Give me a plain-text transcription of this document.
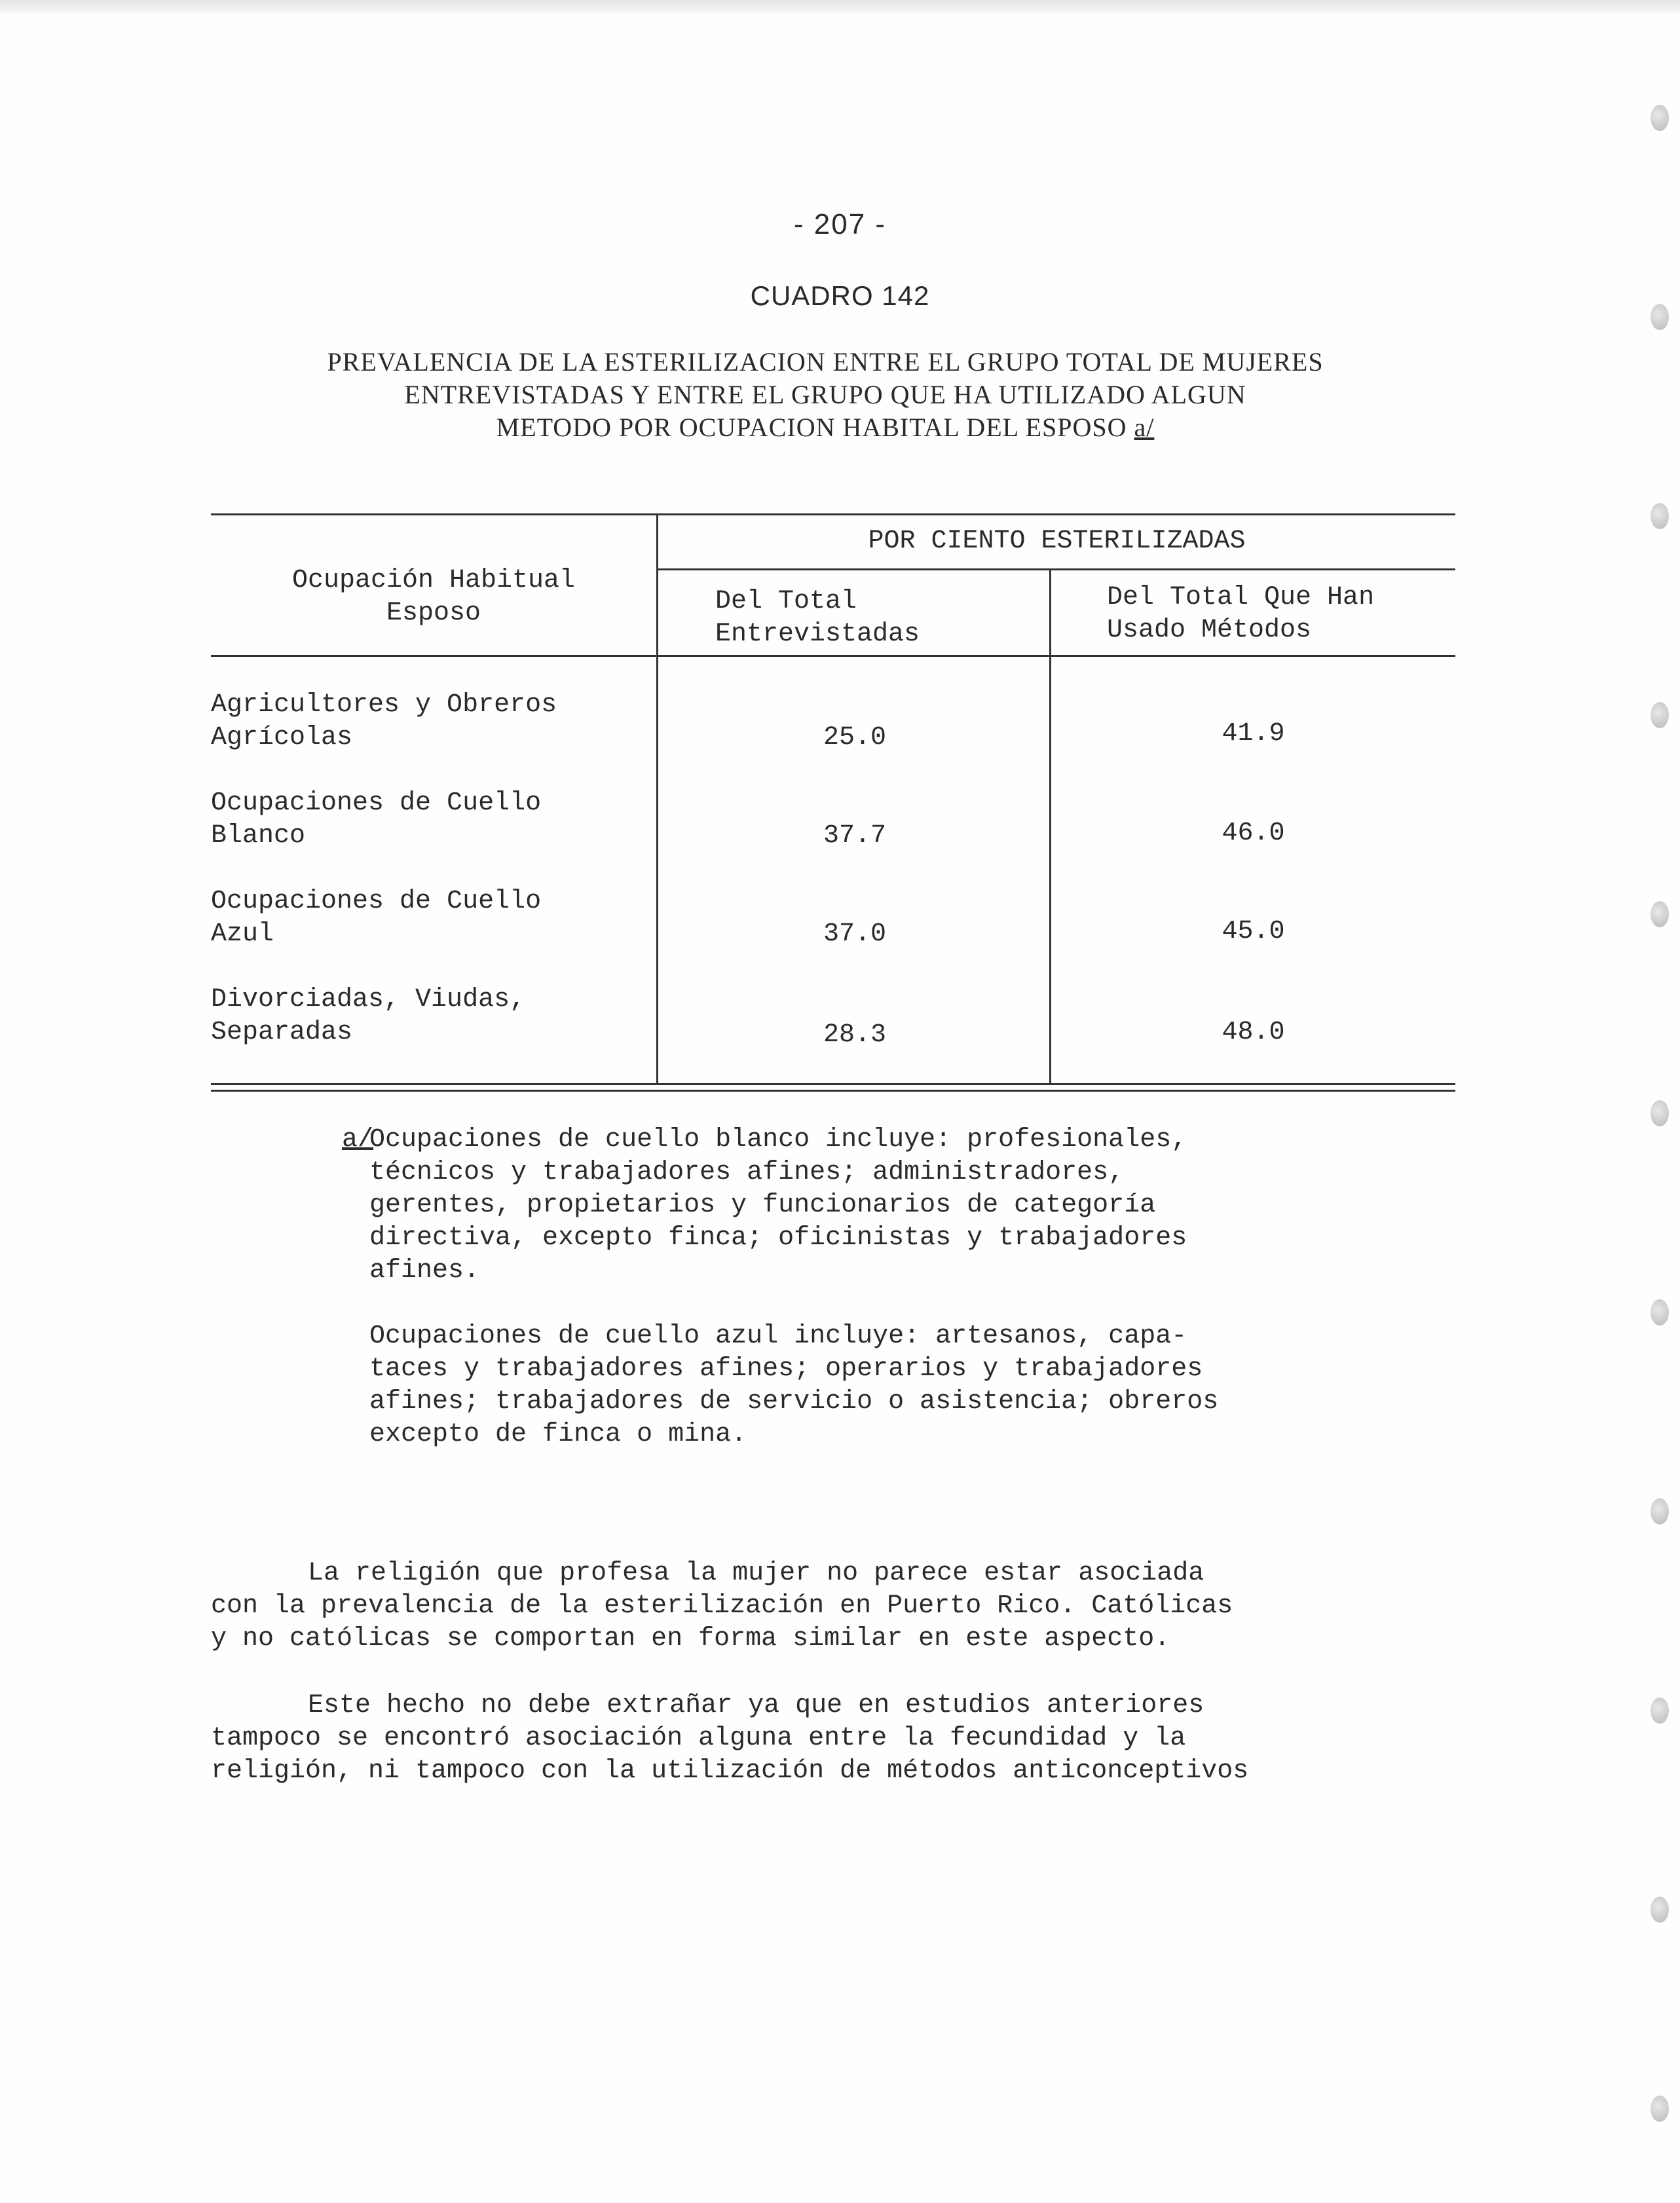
- 207 -
CUADRO 142
PREVALENCIA DE LA ESTERILIZACION ENTRE EL GRUPO TOTAL DE MUJERES
ENTREVISTADAS Y ENTRE EL GRUPO QUE HA UTILIZADO ALGUN
METODO POR OCUPACION HABITAL DEL ESPOSO a/
Ocupación Habitual
Esposo
POR CIENTO ESTERILIZADAS
Del Total
Entrevistadas
Del Total Que Han
Usado Métodos
Agricultores y Obreros
Agrícolas	25.0	41.9
Ocupaciones de Cuello
Blanco	37.7	46.0
Ocupaciones de Cuello
Azul	37.0	45.0
Divorciadas, Viudas,
Separadas	28.3	48.0
a/

Ocupaciones de cuello blanco incluye: profesionales,

técnicos y trabajadores afines; administradores,

gerentes, propietarios y funcionarios de categoría

directiva, excepto finca; oficinistas y trabajadores

afines.

Ocupaciones de cuello azul incluye: artesanos, capa-

taces y trabajadores afines; operarios y trabajadores

afines; trabajadores de servicio o asistencia; obreros

excepto de finca o mina.

La religión que profesa la mujer no parece estar asociada

con la prevalencia de la esterilización en Puerto Rico. Católicas
y no católicas se comportan en forma similar en este aspecto.

Este hecho no debe extrañar ya que en estudios anteriores

tampoco se encontró asociación alguna entre la fecundidad y la
religión, ni tampoco con la utilización de métodos anticonceptivos
